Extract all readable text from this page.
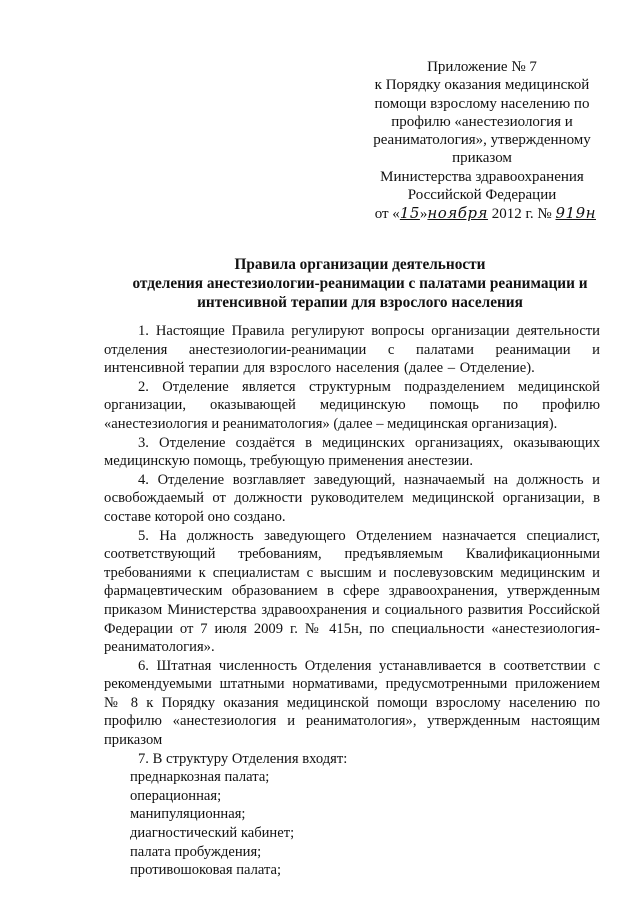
Приложение № 7
к Порядку оказания медицинской
помощи взрослому населению по
профилю «анестезиология и
реаниматология», утвержденному
приказом
Министерства здравоохранения
Российской Федерации
от «15»ноября 2012 г. № 919н
Правила организации деятельности
отделения анестезиологии-реанимации с палатами реанимации и
интенсивной терапии для взрослого населения

1. Настоящие Правила регулируют вопросы организации деятельности отделения анестезиологии-реанимации с палатами реанимации и интенсивной терапии для взрослого населения (далее – Отделение).

2. Отделение является структурным подразделением медицинской организации, оказывающей медицинскую помощь по профилю «анестезиология и реаниматология» (далее – медицинская организация).

3. Отделение создаётся в медицинских организациях, оказывающих медицинскую помощь, требующую применения анестезии.

4. Отделение возглавляет заведующий, назначаемый на должность и освобождаемый от должности руководителем медицинской организации, в составе которой оно создано.

5. На должность заведующего Отделением назначается специалист, соответствующий требованиям, предъявляемым Квалификационными требованиями к специалистам с высшим и послевузовским медицинским и фармацевтическим образованием в сфере здравоохранения, утвержденным приказом Министерства здравоохранения и социального развития Российской Федерации от 7 июля 2009 г. № 415н, по специальности «анестезиология-реаниматология».

6. Штатная численность Отделения устанавливается в соответствии с рекомендуемыми штатными нормативами, предусмотренными приложением № 8 к Порядку оказания медицинской помощи взрослому населению по профилю «анестезиология и реаниматология», утвержденным настоящим приказом

7. В структуру Отделения входят:

преднаркозная палата;
операционная;
манипуляционная;
диагностический кабинет;
палата пробуждения;
противошоковая палата;
